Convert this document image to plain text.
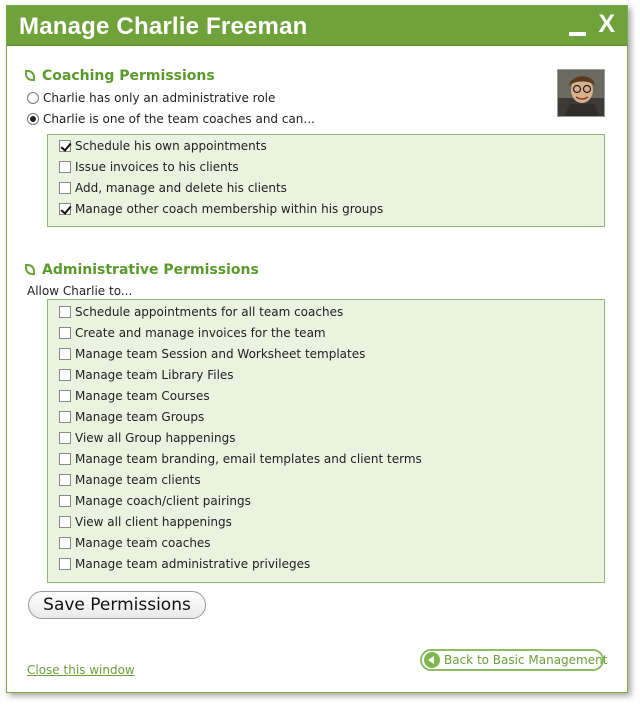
Manage Charlie Freeman	X
Coaching Permissions
Charlie has only an administrative role
Charlie is one of the team coaches and can...
Schedule his own appointments
Issue invoices to his clients
Add, manage and delete his clients
Manage other coach membership within his groups
Administrative Permissions
Allow Charlie to...
Schedule appointments for all team coaches
Create and manage invoices for the team
Manage team Session and Worksheet templates
Manage team Library Files
Manage team Courses
Manage team Groups
View all Group happenings
Manage team branding, email templates and client terms
Manage team clients
Manage coach/client pairings
View all client happenings
Manage team coaches
Manage team administrative privileges
Save Permissions
Close this window
Back to Basic Management
